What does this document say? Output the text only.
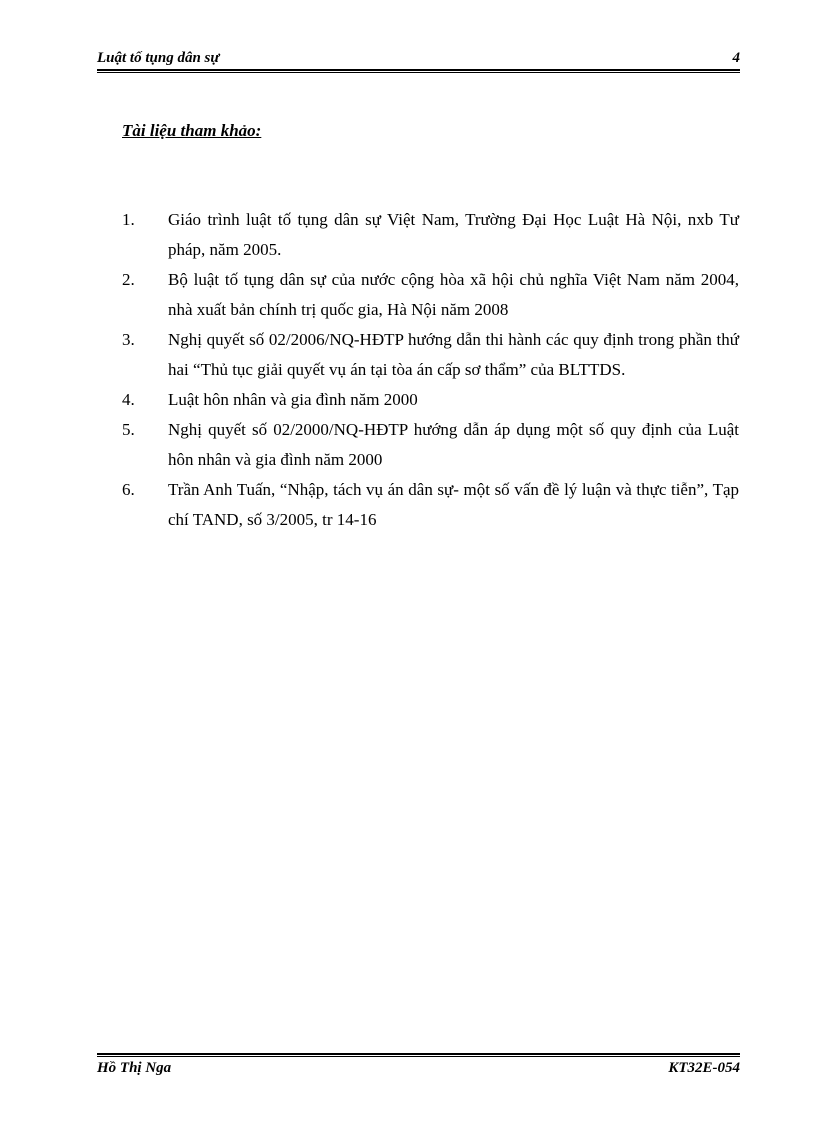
Luật tố tụng dân sự	4
Tài liệu tham khảo:
1. Giáo trình luật tố tụng dân sự Việt Nam, Trường Đại Học Luật Hà Nội, nxb Tư pháp, năm 2005.
2. Bộ luật tố tụng dân sự của nước cộng hòa xã hội chủ nghĩa Việt Nam năm 2004, nhà xuất bản chính trị quốc gia, Hà Nội năm 2008
3. Nghị quyết số 02/2006/NQ-HĐTP hướng dẫn thi hành các quy định trong phần thứ hai “Thủ tục giải quyết vụ án tại tòa án cấp sơ thẩm” của BLTTDS.
4. Luật hôn nhân và gia đình năm 2000
5. Nghị quyết số 02/2000/NQ-HĐTP hướng dẫn áp dụng một số quy định của Luật hôn nhân và gia đình năm 2000
6. Trần Anh Tuấn, “Nhập, tách vụ án dân sự- một số vấn đề lý luận và thực tiễn”, Tạp chí TAND, số 3/2005, tr 14-16
Hồ Thị Nga	KT32E-054
